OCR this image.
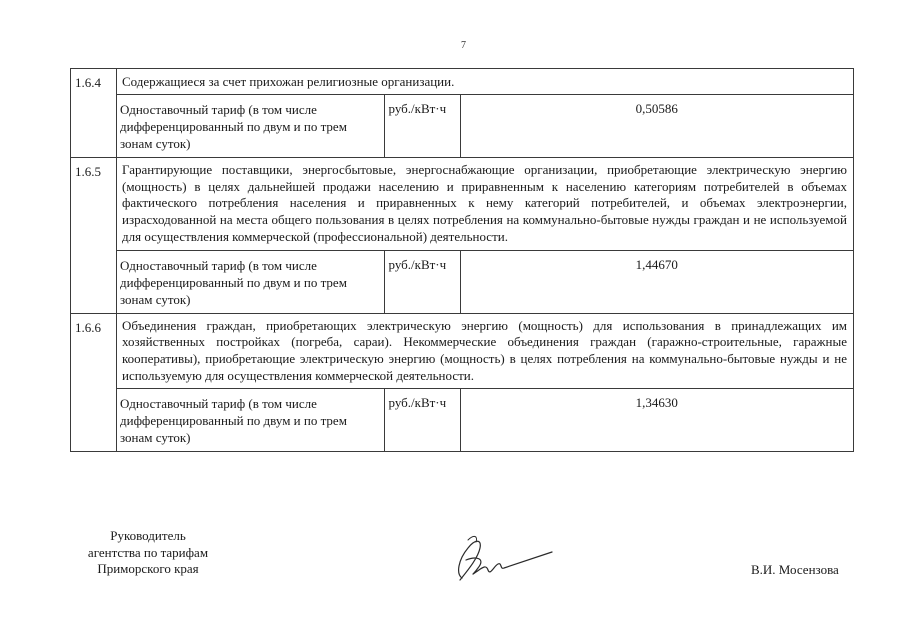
7
1.6.4	Содержащиеся за счет прихожан религиозные организации.

Одноставочный тариф (в том числе дифференцированный по двум и по трем зонам суток)	руб./кВт·ч	0,50586

1.6.5	Гарантирующие поставщики, энергосбытовые, энергоснабжающие организации, приобретающие электрическую энергию (мощность) в целях дальнейшей продажи населению и приравненным к населению категориям потребителей в объемах фактического потребления населения и приравненных к нему категорий потребителей, и объемах электроэнергии, израсходованной на места общего пользования в целях потребления на коммунально-бытовые нужды граждан и не используемой для осуществления коммерческой (профессиональной) деятельности.

Одноставочный тариф (в том числе дифференцированный по двум и по трем зонам суток)	руб./кВт·ч	1,44670

1.6.6	Объединения граждан, приобретающих электрическую энергию (мощность) для использования в принадлежащих им хозяйственных постройках (погреба, сараи). Некоммерческие объединения граждан (гаражно-строительные, гаражные кооперативы), приобретающие электрическую энергию (мощность) в целях потребления на коммунально-бытовые нужды и не используемую для осуществления коммерческой деятельности.

Одноставочный тариф (в том числе дифференцированный по двум и по трем зонам суток)	руб./кВт·ч	1,34630
Руководитель
агентства по тарифам
Приморского края	В.И. Мосензова
